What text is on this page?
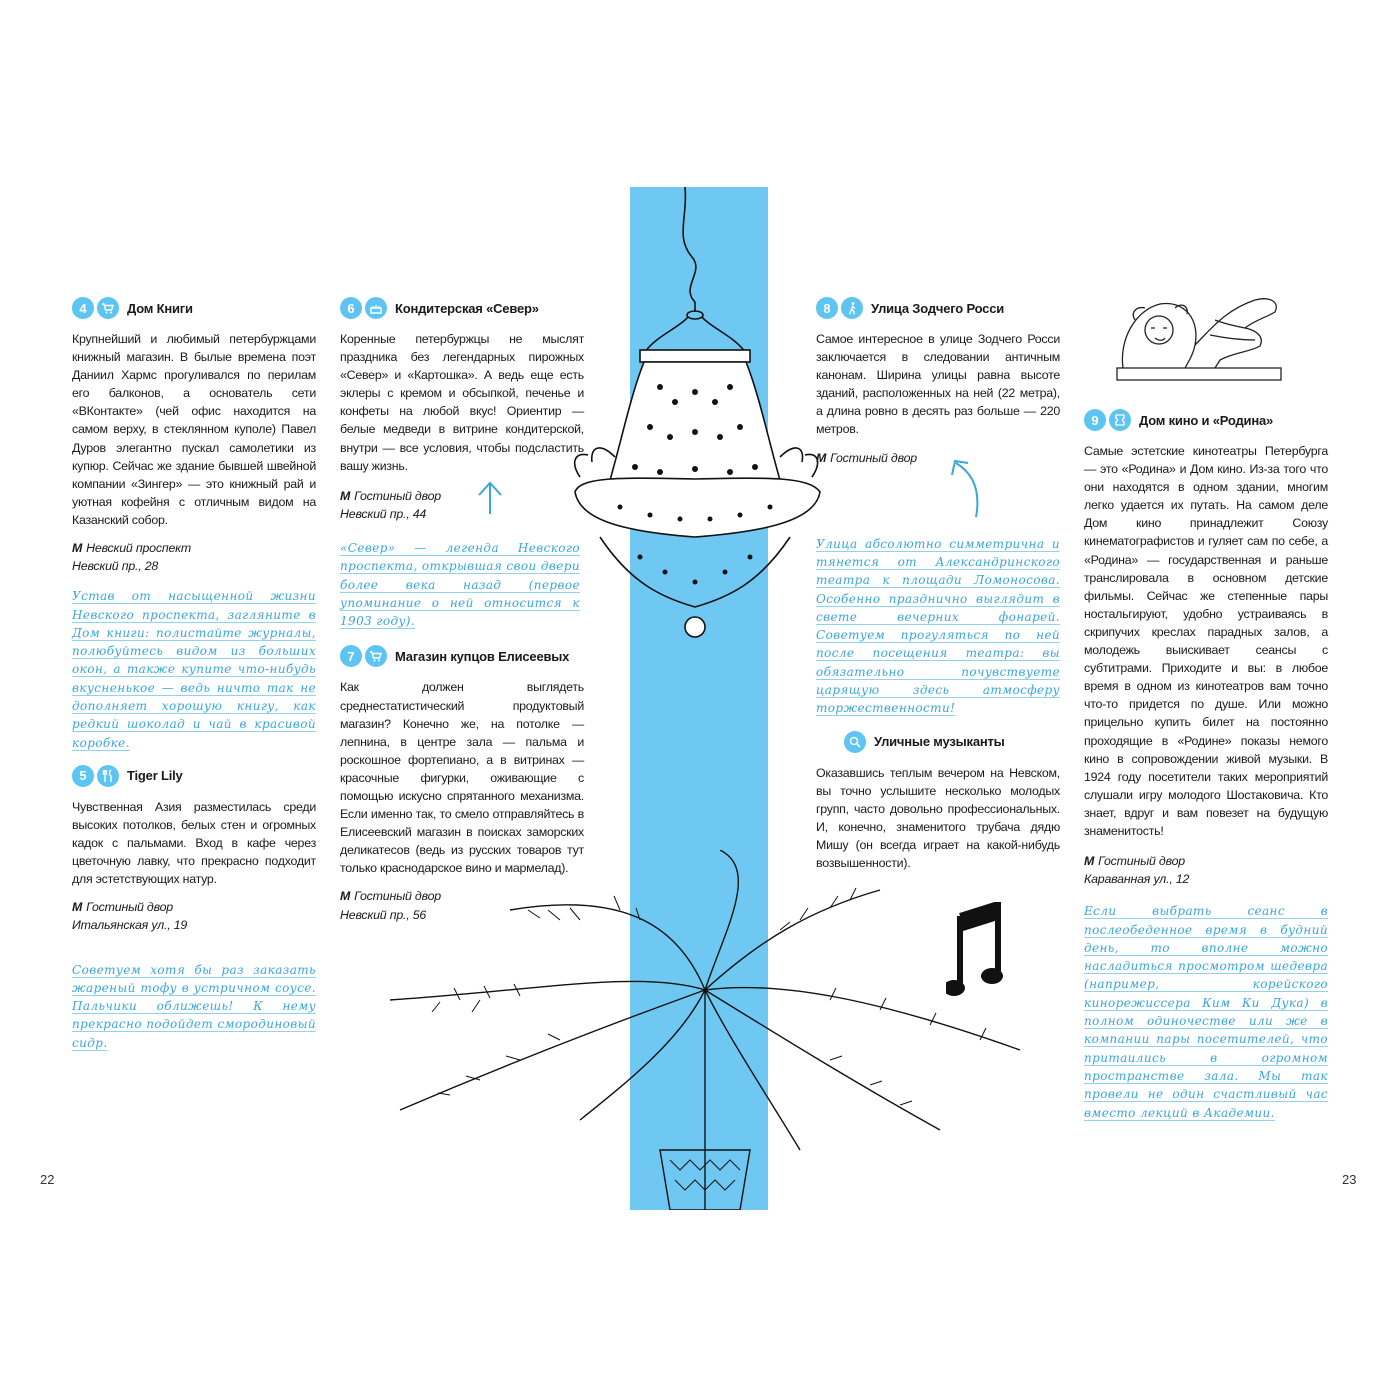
4	Дом Книги
Крупнейший и любимый петербуржцами книжный магазин. В былые времена поэт Даниил Хармс прогуливался по перилам его балконов, а основатель сети «ВКонтакте» (чей офис находится на самом верху, в стеклянном куполе) Павел Дуров элегантно пускал самолетики из купюр. Сейчас же здание бывшей швейной компании «Зингер» — это книжный рай и уютная кофейня с отличным видом на Казанский собор.
М Невский проспект
Невский пр., 28
Устав от насыщенной жизни Невского проспекта, загляните в Дом книги: полистайте журналы, полюбуйтесь видом из больших окон, а также купите что-нибудь вкусненькое — ведь ничто так не дополняет хорошую книгу, как редкий шоколад и чай в красивой коробке.
5	Tiger Lily
Чувственная Азия разместилась среди высоких потолков, белых стен и огромных кадок с пальмами. Вход в кафе через цветочную лавку, что прекрасно подходит для эстетствующих натур.
М Гостиный двор
Итальянская ул., 19
Советуем хотя бы раз заказать жареный тофу в устричном соусе. Пальчики оближешь! К нему прекрасно подойдет смородиновый сидр.
6	Кондитерская «Север»
Коренные петербуржцы не мыслят праздника без легендарных пирожных «Север» и «Картошка». А ведь еще есть эклеры с кремом и обсыпкой, печенье и конфеты на любой вкус! Ориентир — белые медведи в витрине кондитерской, внутри — все условия, чтобы подсластить вашу жизнь.
М Гостиный двор
Невский пр., 44
«Север» — легенда Невского проспекта, открывшая свои двери более века назад (первое упоминание о ней относится к 1903 году).
7	Магазин купцов Елисеевых
Как должен выглядеть среднестатистический продуктовый магазин? Конечно же, на потолке — лепнина, в центре зала — пальма и роскошное фортепиано, а в витринах — красочные фигурки, оживающие с помощью искусно спрятанного механизма. Если именно так, то смело отправляйтесь в Елисеевский магазин в поисках заморских деликатесов (ведь из русских товаров тут только краснодарское вино и мармелад).
М Гостиный двор
Невский пр., 56
8	Улица Зодчего Росси
Самое интересное в улице Зодчего Росси заключается в следовании античным канонам. Ширина улицы равна высоте зданий, расположенных на ней (22 метра), а длина ровно в десять раз больше — 220 метров.
М Гостиный двор
Улица абсолютно симметрична и тянется от Александринского театра к площади Ломоносова. Особенно празднично выглядит в свете вечерних фонарей. Советуем прогуляться по ней после посещения театра: вы обязательно почувствуете царящую здесь атмосферу торжественности!
Уличные музыканты
Оказавшись теплым вечером на Невском, вы точно услышите несколько молодых групп, часто довольно профессиональных. И, конечно, знаменитого трубача дядю Мишу (он всегда играет на какой-нибудь возвышенности).
9	Дом кино и «Родина»
Самые эстетские кинотеатры Петербурга — это «Родина» и Дом кино. Из-за того что они находятся в одном здании, многим легко удается их путать. На самом деле Дом кино принадлежит Союзу кинематографистов и гуляет сам по себе, а «Родина» — государственная и раньше транслировала в основном детские фильмы. Сейчас же степенные пары ностальгируют, удобно устраиваясь в скрипучих креслах парадных залов, а молодежь выискивает сеансы с субтитрами. Приходите и вы: в любое время в одном из кинотеатров вам точно что-то придется по душе. Или можно прицельно купить билет на постоянно проходящие в «Родине» показы немого кино в сопровождении живой музыки. В 1924 году посетители таких мероприятий слушали игру молодого Шостаковича. Кто знает, вдруг и вам повезет на будущую знаменитость!
М Гостиный двор
Караванная ул., 12
Если выбрать сеанс в послеобеденное время в будний день, то вполне можно насладиться просмотром шедевра (например, корейского кинорежиссера Ким Ки Дука) в полном одиночестве или же в компании пары посетителей, что притаились в огромном пространстве зала. Мы так провели не один счастливый час вместо лекций в Академии.
22	23
